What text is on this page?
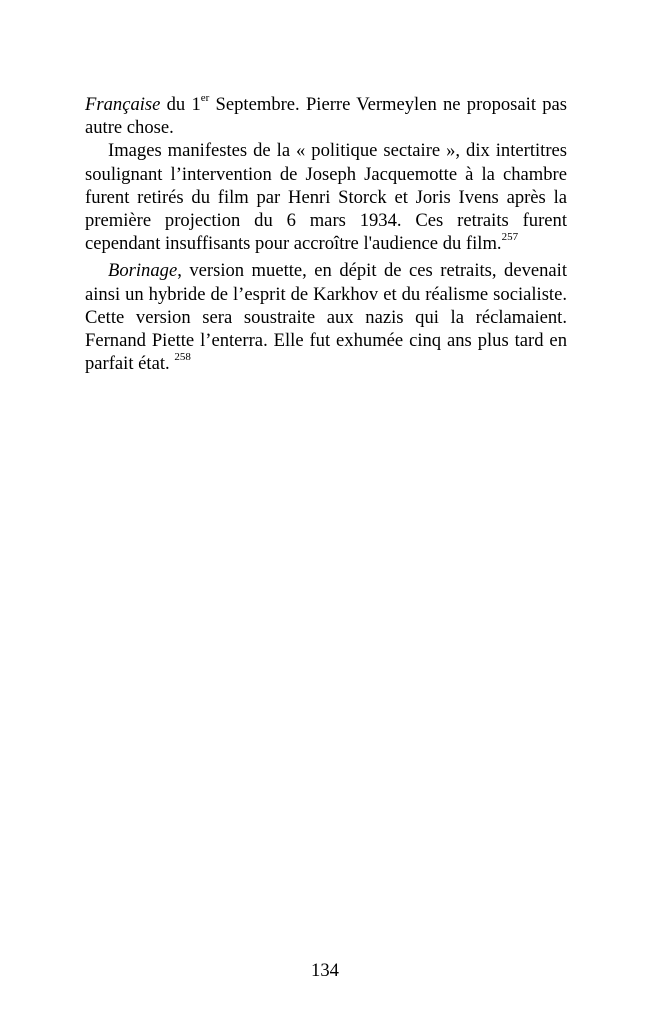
Française du 1er Septembre. Pierre Vermeylen ne proposait pas autre chose.

Images manifestes de la « politique sectaire », dix intertitres soulignant l’intervention de Joseph Jacquemotte à la chambre furent retirés du film par Henri Storck et Joris Ivens après la première projection du 6 mars 1934. Ces retraits furent cependant insuffisants pour accroître l'audience du film.$^{257}$

Borinage, version muette, en dépit de ces retraits, devenait ainsi un hybride de l’esprit de Karkhov et du réalisme socialiste. Cette version sera soustraite aux nazis qui la réclamaient. Fernand Piette l’enterra. Elle fut exhumée cinq ans plus tard en parfait état. $^{258}$

134
